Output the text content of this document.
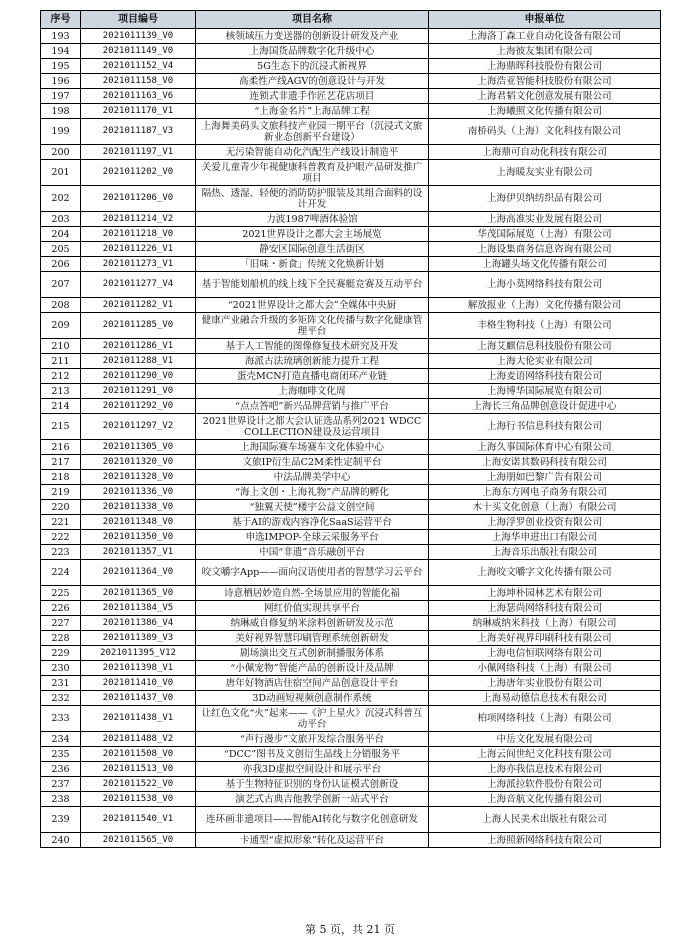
序号	项目编号	项目名称	申报单位
193	2021011139_V0	核领域压力变送器的创新设计研发及产业	上海洛丁森工业自动化设备有限公司
194	2021011149_V0	上海国货品牌数字化升级中心	上海彼友集团有限公司
195	2021011152_V4	5G生态下的沉浸式新视界	上海鼎晖科技股份有限公司
196	2021011158_V0	高柔性产线AGV的创意设计与开发	上海浩亚智能科技股份有限公司
197	2021011163_V6	连锁式非遗手作匠艺花店项目	上海君韬文化创意发展有限公司
198	2021011170_V1	“上海金名片”上海品牌工程	上海曦照文化传播有限公司
199	2021011187_V3	上海舞美码头文旅科技产业园一期平台（沉浸式文旅新业态创新平台建设）	南桥码头（上海）文化科技有限公司
200	2021011197_V1	无污染智能自动化汽配生产线设计制造平	上海鼎可自动化科技有限公司
201	2021011202_V0	关爱儿童青少年视健康科普教育及护眼产品研发推广项目	上海暖友实业有限公司
202	2021011206_V0	隔热、透湿、轻便的消防防护服装及其组合面料的设计开发	上海伊贝纳纺织品有限公司
203	2021011214_V2	力波1987啤酒体验馆	上海高准实业发展有限公司
204	2021011218_V0	2021世界设计之都大会主场展览	华茂国际展览（上海）有限公司
205	2021011226_V1	静安区国际创意生活街区	上海设集商务信息咨询有限公司
206	2021011273_V1	「旧味・新食」传统文化焕新计划	上海罐头场文化传播有限公司
207	2021011277_V4	基于智能划船机的线上线下全民赛艇竞赛及互动平台	上海小莫网络科技有限公司
208	2021011282_V1	“2021世界设计之都大会”全媒体中央厨	解放报业（上海）文化传播有限公司
209	2021011285_V0	健康产业融合升级的多矩阵文化传播与数字化健康管理平台	丰格生物科技（上海）有限公司
210	2021011286_V1	基于人工智能的图像修复技术研究及开发	上海艾麒信息科技股份有限公司
211	2021011288_V1	海派古法琉璃创新能力提升工程	上海大伦实业有限公司
212	2021011290_V0	蛋壳MCN打造直播电商闭环产业链	上海麦语网络科技有限公司
213	2021011291_V0	上海咖啡文化周	上海博华国际展览有限公司
214	2021011292_V0	“点点答吧”新兴品牌营销与推广平台	上海长三角品牌创意设计促进中心
215	2021011297_V2	2021世界设计之都大会认证选品系列2021 WDCC COLLECTION建设及运营项目	上海行书信息科技有限公司
216	2021011305_V0	上海国际赛车场赛车文化体验中心	上海久事国际体育中心有限公司
217	2021011320_V0	文旅IP衍生品C2M柔性定制平台	上海安诺其数码科技有限公司
218	2021011328_V0	中法品牌美学中心	上海朋如巴黎广告有限公司
219	2021011336_V0	“海上文创・上海礼物”产品牌的孵化	上海东方网电子商务有限公司
220	2021011338_V0	“独翼天使”楼宇公益文创空间	木十买文化创意（上海）有限公司
221	2021011348_V0	基于AI的游戏内容净化SaaS运营平台	上海浮罗创业投资有限公司
222	2021011350_V0	申选IMPOP-全球云采服务平台	上海华申进出口有限公司
223	2021011357_V1	中国“非遗”音乐融创平台	上海音乐出版社有限公司
224	2021011364_V0	咬文嚼字App——面向汉语使用者的智慧学习云平台	上海咬文嚼字文化传播有限公司
225	2021011365_V0	诗意栖居妙造自然-全场景应用的智能化福	上海坤朴园林艺术有限公司
226	2021011384_V5	网红价值实现共享平台	上海瑟尚网络科技有限公司
227	2021011386_V4	纳琳威自修复纳米涂料创新研发及示范	纳琳威纳米科技（上海）有限公司
228	2021011389_V3	美好视界智慧印刷管理系统创新研发	上海美好视界印刷科技有限公司
229	2021011395_V12	剧场演出交互式创新制播服务体系	上海电信恒联网络有限公司
230	2021011398_V1	“小佩宠物”智能产品的创新设计及品牌	小佩网络科技（上海）有限公司
231	2021011410_V0	唐年好物酒店住宿空间产品创意设计平台	上海唐年实业股份有限公司
232	2021011437_V0	3D动画短视频创意制作系统	上海易动德信息技术有限公司
233	2021011438_V1	让红色文化“火”起来——《沪上星火》沉浸式科普互动平台	柏项网络科技（上海）有限公司
234	2021011488_V2	“声行漫步”文旅开发综合服务平台	中岳文化发展有限公司
235	2021011508_V0	“DCC”图书及文创衍生品线上分销服务平	上海云间世纪文化科技有限公司
236	2021011513_V0	亦我3D虚拟空间设计和展示平台	上海亦我信息技术有限公司
237	2021011522_V0	基于生物特征识别的身份认证模式创新设	上海派拉软件股份有限公司
238	2021011538_V0	演艺式古典吉他教学创新一站式平台	上海音航文化传播有限公司
239	2021011540_V1	连环画非遗项目——智能AI转化与数字化创意研发	上海人民美术出版社有限公司
240	2021011565_V0	卡通型“虚拟形象”转化及运营平台	上海照新网络科技有限公司
第 5 页，共 21 页
